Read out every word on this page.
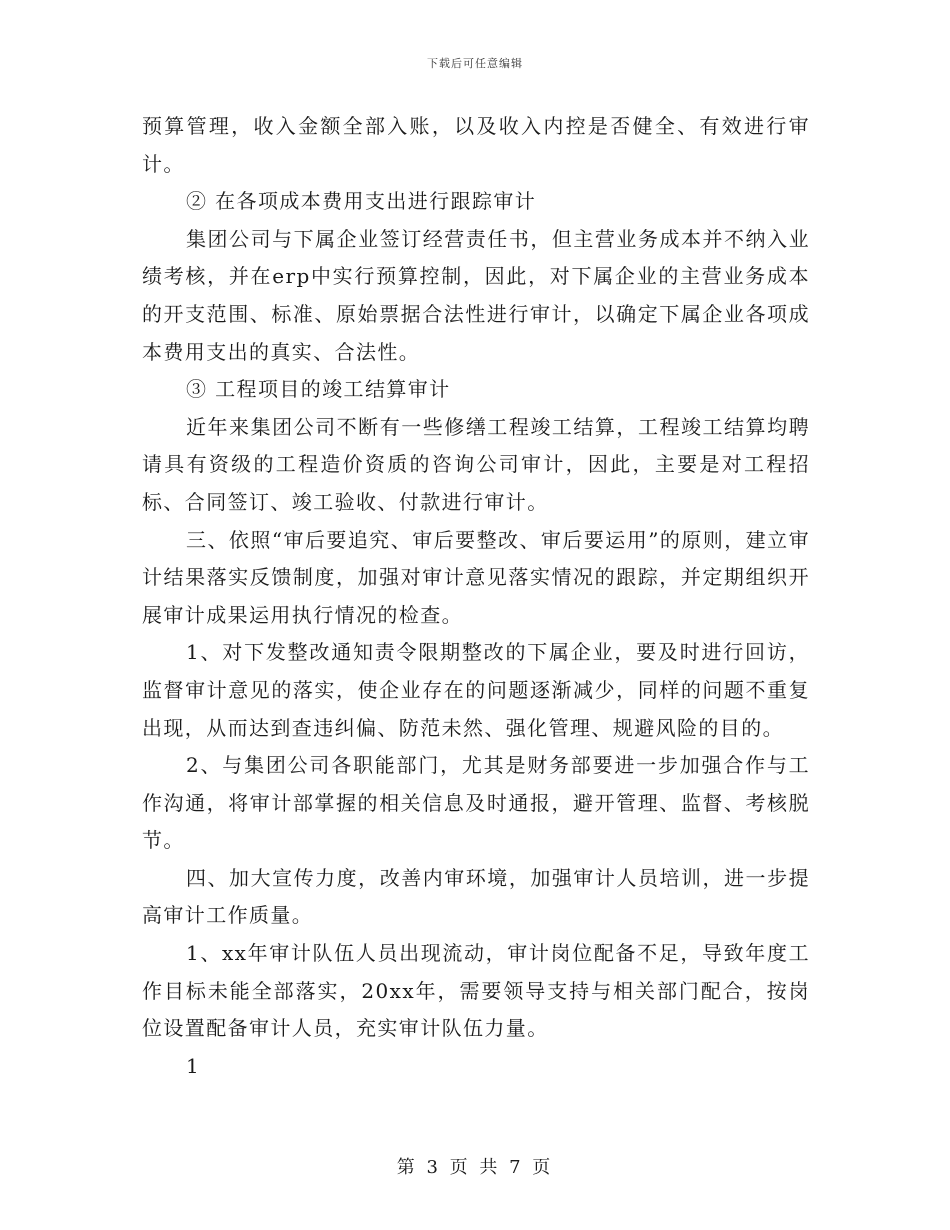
下载后可任意编辑

预算管理，收入金额全部入账，以及收入内控是否健全、有效进行审计。

② 在各项成本费用支出进行跟踪审计

集团公司与下属企业签订经营责任书，但主营业务成本并不纳入业绩考核，并在erp中实行预算控制，因此，对下属企业的主营业务成本的开支范围、标准、原始票据合法性进行审计，以确定下属企业各项成本费用支出的真实、合法性。

③ 工程项目的竣工结算审计

近年来集团公司不断有一些修缮工程竣工结算，工程竣工结算均聘请具有资级的工程造价资质的咨询公司审计，因此，主要是对工程招标、合同签订、竣工验收、付款进行审计。

三、依照“审后要追究、审后要整改、审后要运用”的原则，建立审计结果落实反馈制度，加强对审计意见落实情况的跟踪，并定期组织开展审计成果运用执行情况的检查。

1、对下发整改通知责令限期整改的下属企业，要及时进行回访，监督审计意见的落实，使企业存在的问题逐渐减少，同样的问题不重复出现，从而达到查违纠偏、防范未然、强化管理、规避风险的目的。

2、与集团公司各职能部门，尤其是财务部要进一步加强合作与工作沟通，将审计部掌握的相关信息及时通报，避开管理、监督、考核脱节。

四、加大宣传力度，改善内审环境，加强审计人员培训，进一步提高审计工作质量。

1、xx年审计队伍人员出现流动，审计岗位配备不足，导致年度工作目标未能全部落实，20xx年，需要领导支持与相关部门配合，按岗位设置配备审计人员，充实审计队伍力量。

1

第 3 页 共 7 页
